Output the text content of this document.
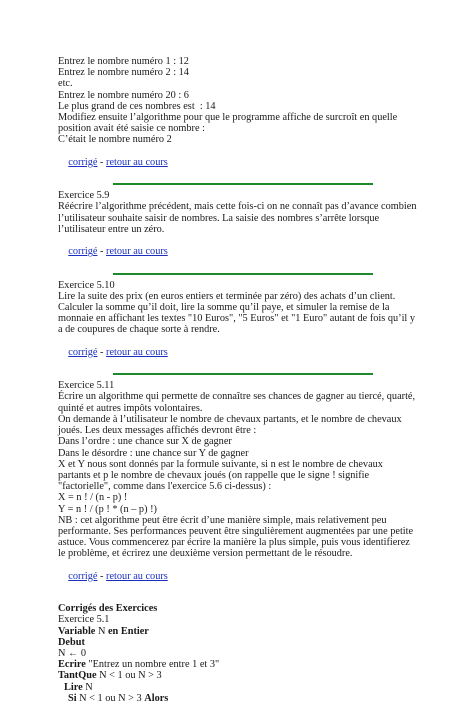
Entrez le nombre numéro 1 : 12
Entrez le nombre numéro 2 : 14
etc.
Entrez le nombre numéro 20 : 6
Le plus grand de ces nombres est  : 14
Modifiez ensuite l’algorithme pour que le programme affiche de surcroît en quelle position avait été saisie ce nombre :
C’était le nombre numéro 2

corrigé - retour au cours

Exercice 5.9
Réécrire l’algorithme précédent, mais cette fois-ci on ne connaît pas d’avance combien l’utilisateur souhaite saisir de nombres. La saisie des nombres s’arrête lorsque l’utilisateur entre un zéro.

corrigé - retour au cours

Exercice 5.10
Lire la suite des prix (en euros entiers et terminée par zéro) des achats d’un client. Calculer la somme qu’il doit, lire la somme qu’il paye, et simuler la remise de la monnaie en affichant les textes "10 Euros", "5 Euros" et "1 Euro" autant de fois qu’il y a de coupures de chaque sorte à rendre.

corrigé - retour au cours

Exercice 5.11
Écrire un algorithme qui permette de connaître ses chances de gagner au tiercé, quarté, quinté et autres impôts volontaires.
On demande à l’utilisateur le nombre de chevaux partants, et le nombre de chevaux joués. Les deux messages affichés devront être :
Dans l’ordre : une chance sur X de gagner
Dans le désordre : une chance sur Y de gagner
X et Y nous sont donnés par la formule suivante, si n est le nombre de chevaux partants et p le nombre de chevaux joués (on rappelle que le signe ! signifie "factorielle", comme dans l'exercice 5.6 ci-dessus) :
X = n ! / (n - p) !
Y = n ! / (p ! * (n – p) !)
NB : cet algorithme peut être écrit d’une manière simple, mais relativement peu performante. Ses performances peuvent être singulièrement augmentées par une petite astuce. Vous commencerez par écrire la manière la plus simple, puis vous identifierez le problème, et écrirez une deuxième version permettant de le résoudre.

corrigé - retour au cours

Corrigés des Exercices
Exercice 5.1
Variable N en Entier
Debut
N ← 0
Ecrire "Entrez un nombre entre 1 et 3"
TantQue N < 1 ou N > 3
Lire N
Si N < 1 ou N > 3 Alors
